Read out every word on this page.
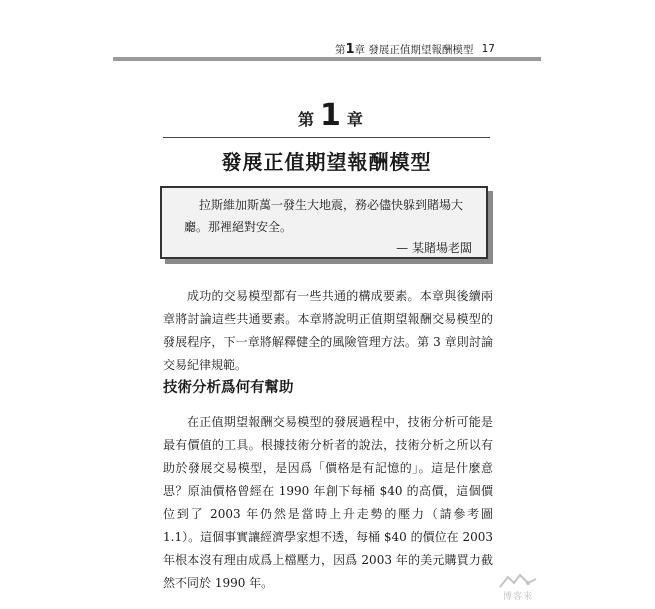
第1章 發展正值期望報酬模型 17
第 1 章
發展正值期望報酬模型
拉斯維加斯萬一發生大地震，務必儘快躲到賭場大廳。那裡絕對安全。
— 某賭場老闆
成功的交易模型都有一些共通的構成要素。本章與後續兩章將討論這些共通要素。本章將說明正值期望報酬交易模型的發展程序，下一章將解釋健全的風險管理方法。第 3 章則討論交易紀律規範。
技術分析爲何有幫助
在正值期望報酬交易模型的發展過程中，技術分析可能是最有價值的工具。根據技術分析者的說法，技術分析之所以有助於發展交易模型，是因爲「價格是有記憶的」。這是什麼意思？原油價格曾經在 1990 年創下每桶 $40 的高價，這個價位到了 2003 年仍然是當時上升走勢的壓力（請參考圖 1.1）。這個事實讓經濟學家想不透，每桶 $40 的價位在 2003 年根本沒有理由成爲上檔壓力，因爲 2003 年的美元購買力截然不同於 1990 年。
博客來
